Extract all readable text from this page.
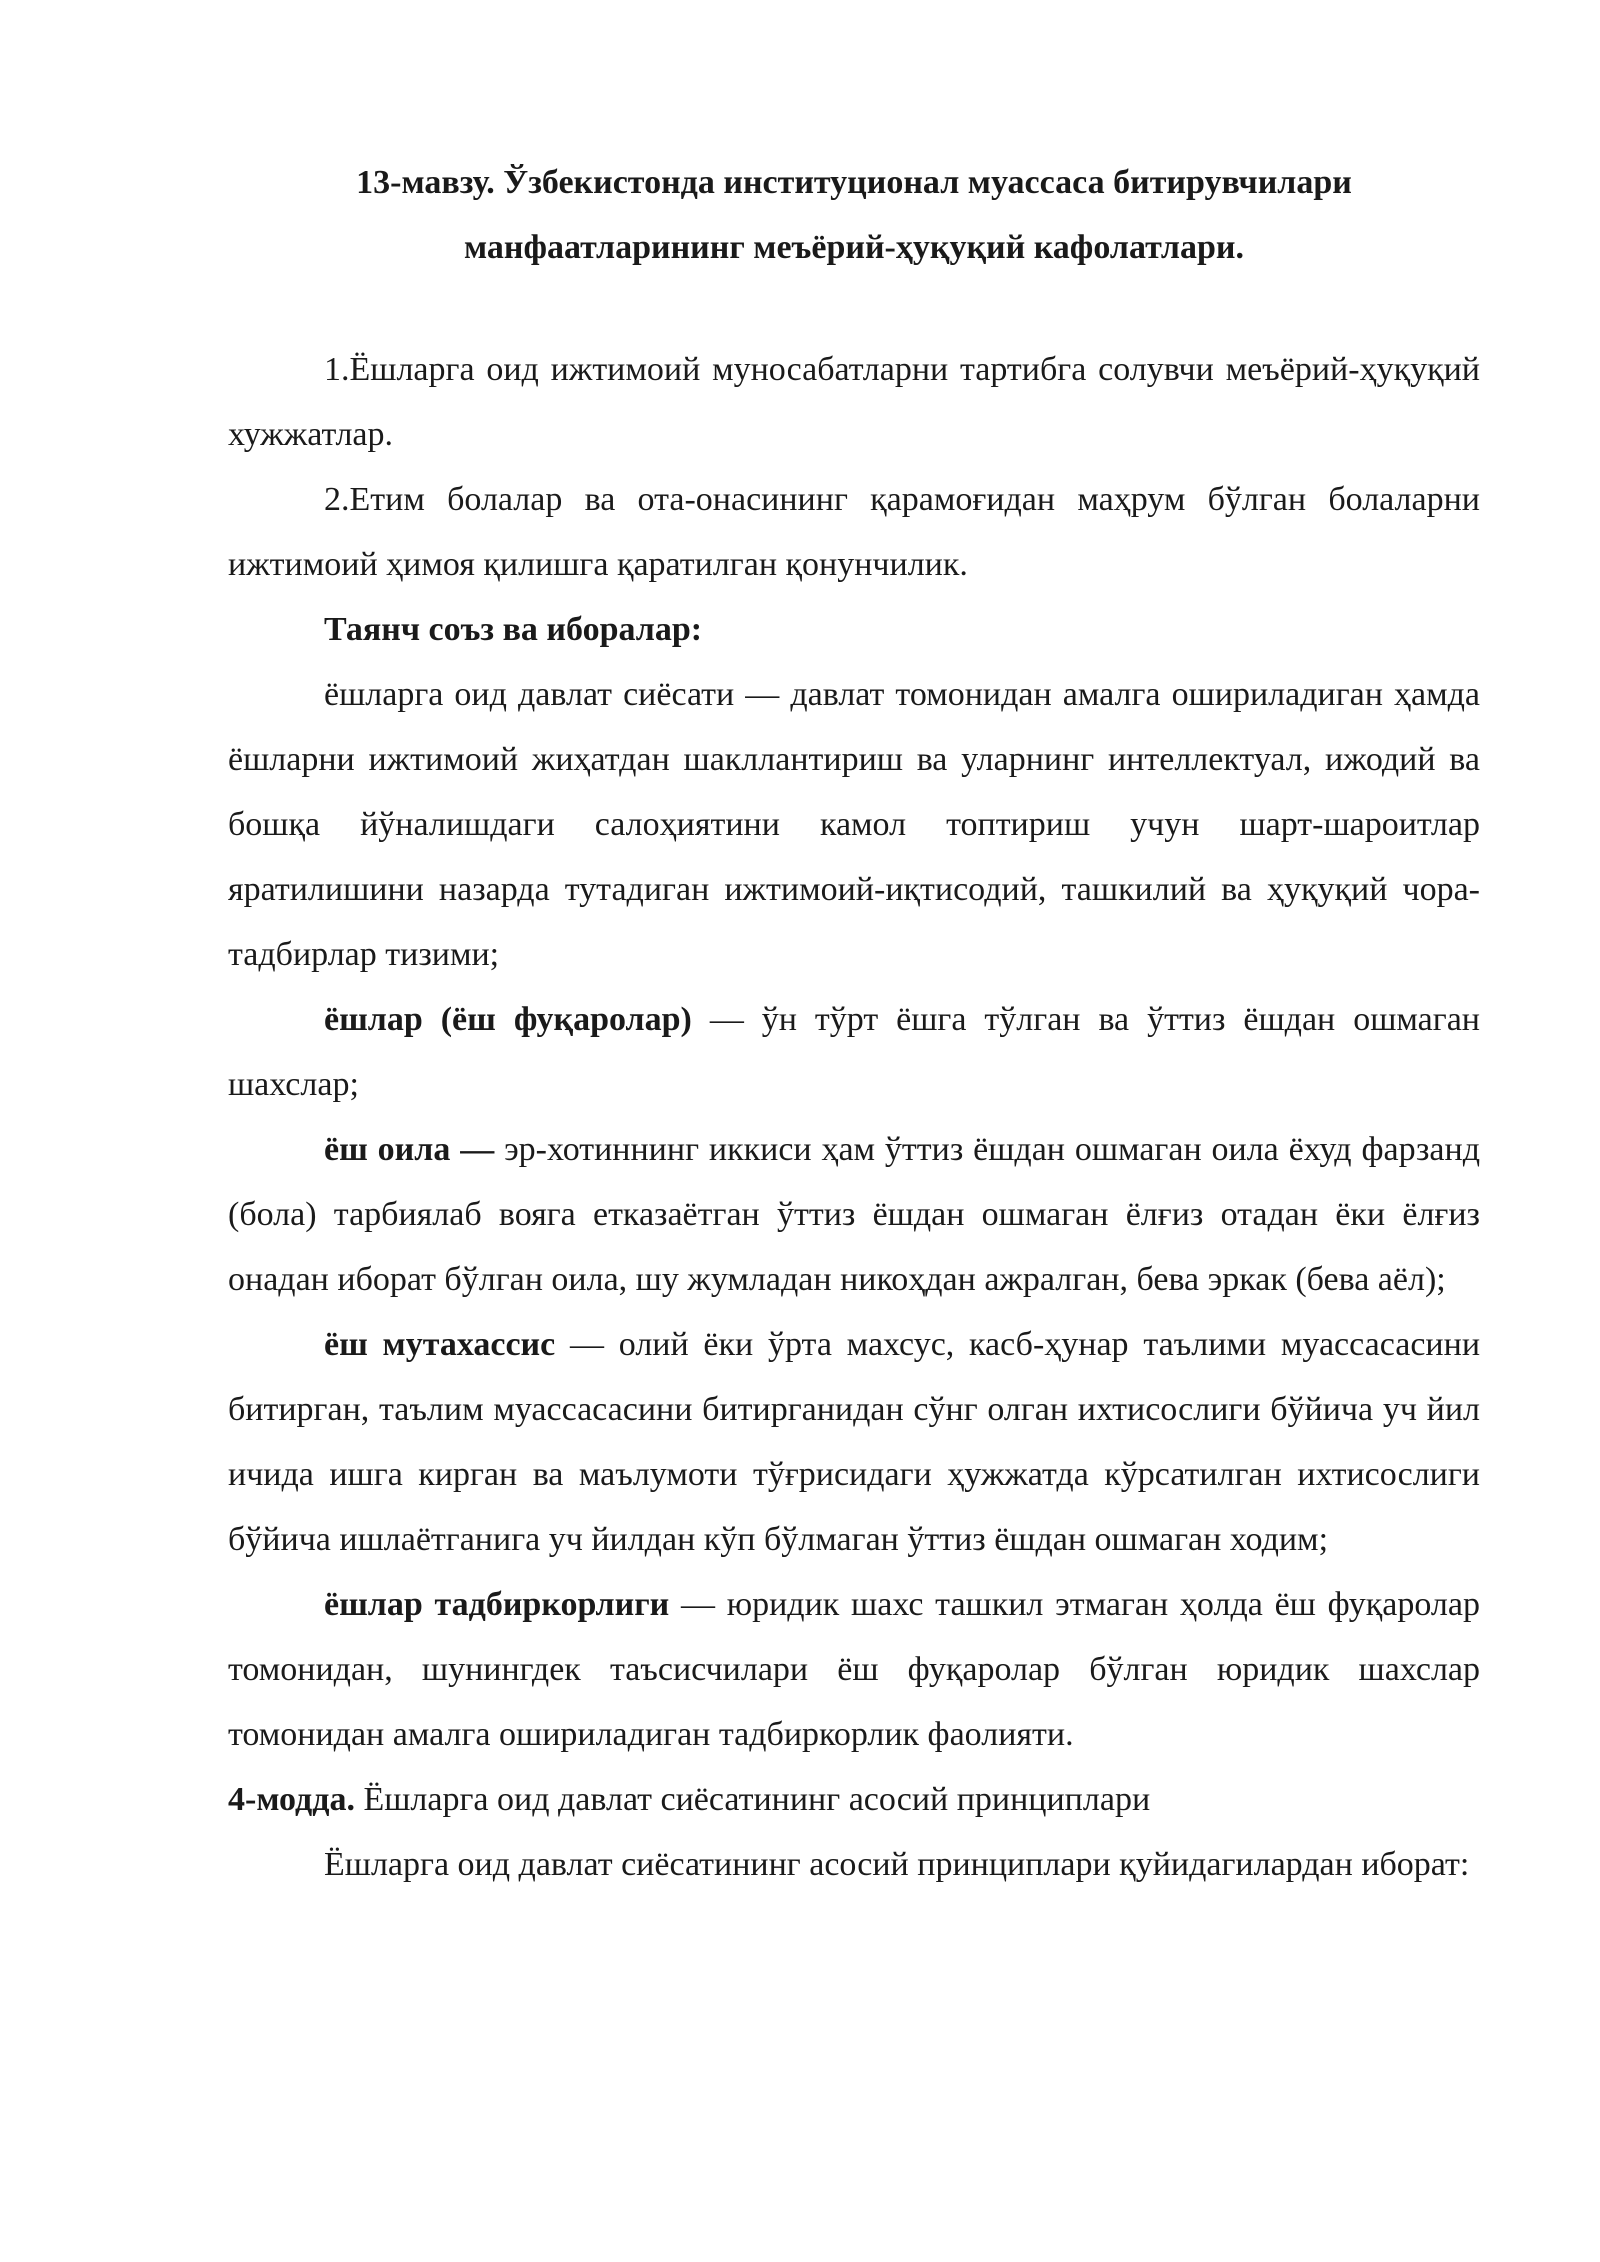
13-мавзу. Ўзбекистонда институционал муассаса битирувчилари
манфаатларининг меъёрий-ҳуқуқий кафолатлари.

1.Ёшларга оид ижтимоий муносабатларни тартибга солувчи меъёрий-ҳуқуқий хужжатлар.

2.Етим болалар ва ота-онасининг қарамоғидан маҳрум бўлган болаларни ижтимоий ҳимоя қилишга қаратилган қонунчилик.

Таянч соъз ва иборалар:

ёшларга оид давлат сиёсати — давлат томонидан амалга ошириладиган ҳамда ёшларни ижтимоий жиҳатдан шакллантириш ва уларнинг интеллектуал, ижодий ва бошқа йўналишдаги салоҳиятини камол топтириш учун шарт-шароитлар яратилишини назарда тутадиган ижтимоий-иқтисодий, ташкилий ва ҳуқуқий чора-тадбирлар тизими;

ёшлар (ёш фуқаролар) — ўн тўрт ёшга тўлган ва ўттиз ёшдан ошмаган шахслар;

ёш оила — эр-хотиннинг иккиси ҳам ўттиз ёшдан ошмаган оила ёхуд фарзанд (бола) тарбиялаб вояга етказаётган ўттиз ёшдан ошмаган ёлғиз отадан ёки ёлғиз онадан иборат бўлган оила, шу жумладан никоҳдан ажралган, бева эркак (бева аёл);

ёш мутахассис — олий ёки ўрта махсус, касб-ҳунар таълими муассасасини битирган, таълим муассасасини битирганидан сўнг олган ихтисослиги бўйича уч йил ичида ишга кирган ва маълумоти тўғрисидаги ҳужжатда кўрсатилган ихтисослиги бўйича ишлаётганига уч йилдан кўп бўлмаган ўттиз ёшдан ошмаган ходим;

ёшлар тадбиркорлиги — юридик шахс ташкил этмаган ҳолда ёш фуқаролар томонидан, шунингдек таъсисчилари ёш фуқаролар бўлган юридик шахслар томонидан амалга ошириладиган тадбиркорлик фаолияти.

4-модда. Ёшларга оид давлат сиёсатининг асосий принциплари

Ёшларга оид давлат сиёсатининг асосий принциплари қуйидагилардан иборат:
